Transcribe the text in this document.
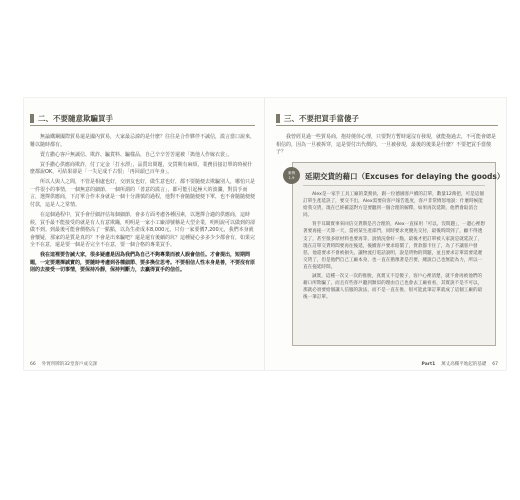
二、不要隨意欺騙買手

無論鐵鋼國際貿易還是國內貿易，大家最忌諱的是什麼？往往是合作夥伴不誠信，謊言當口說來，難以隨時都有。

賣方撒心客戶無誠信、欺詐、騙貨料、騙樣品，自己辛辛苦苦還被「搗他人作嫁衣裳」。

買手撒心供應商欺詐，付了定金「打水漂」，品質出問題，交貨期有麻煩，業務員接訂單的時候什麼都說OK，可結果卻是「一失足成千古恨」「再回頭已百年身」。

所以人與人之間，不管是相處也好，交朋友也好，做生意也好，都不要隨便去欺騙別人，哪怕只是一件很小的事情，一個無意的細節，一個所謂的「善意的謊言」，都可能引起極大的波瀾，對買手而言，選擇供應商，下訂單合作本身就是一個十分謹慎的過程，他對不會隨隨便便下單，也不會隨隨便便付款，這是人之常情。

在這個過程中，買手會仔細評估每個細節，會多方面考慮各種因素，以選擇合適的供應商，這時候，買手最不能接受的就是有人有意欺瞞，明明是一家小工廠卻號稱是大型企業，明明說可以做到的卻做不到。到最後可能會價格高了一點點，以為生產成本8,000元，只有一家要價7,200元，我們本身就會懷疑，那家的是質是真的？不會是出來騙吧？還是還有後續的坑？這種疑心多多少少都會有，如果完全不在意，還是要一個是否完全不在意，要一個合格的專業買手。

我在這裡要告誡大家，很多疑慮是因為我們為自己不夠專業而被人誤會信任。才會提出，短期問題，一定要選擇誠實的，要隨時考慮到各種細節、要多換位思考。不要相信人性本身是善，不要沒有原則的去接受一切事情，要保持冷靜，保持判斷力，去贏得買手的信任。

三、不要把買手當傻子

我曾經見過一些貿易商，抱持僥倖心理，只要對方暫時還沒有發現，就能拖過去，不可能會總是相信的，因為一旦被拆穿，這是要付出代價的，一旦被發現，最後的後果是什麼？不要把買手當傻子？

案例
1-9	延期交貨的藉口（Excuses for delaying the goods）

Alex是一家手工具工廠的業務員，跟一位德國客戶續的訂單，數量12萬把，可是這個訂單生產延誤了，要交不出，Alex需要向客戶報告進度，客戶非常憤怒地說：什麼時候能給我交貨，現在已經確認對方是要聽到一個合理的解釋，如果再次延期，他們會取消合同。

買手耳聞實事來回信交貨期是否合理的，Alex一直採用「可以，沒問題」，一邊心裡想著要再拖一天算一天，當初某生產部門，同時要求更優先交付，最後時間到了，顧不得透支了，甚至很多原材料也要再等，說情況會好一點，最後才把訂單被人家說是就延誤了，現在訂單交貨時間要再往後延，後續客戶要求賠償了，貨款都卡住了，為了不讓客戶發怒，他還要求不會被損失，讓物流打電話說明，說是貨物的問題，並且要求訂單需要延遲交貨了，但是他們自己工廠本身，也一直在猶豫著是否要，總說自己也無能為力，所以一直在拖延時間。

誠實，這種一次又一次的推脫，真實又不是傻子，客戶心裡清楚，就不會再被他們的藉口所欺騙了，而且有些客戶聽到類似的理由自己也會去工廠看看，其實說不是不可以，那就必須要給個讓人信服的說法，而不是一直在推，很可能此筆訂單就成了這個工廠的最後一筆訂單。

66 外貿所牌的32堂客戶成交課	Part1 萬丈高樓平地起的基礎 67
